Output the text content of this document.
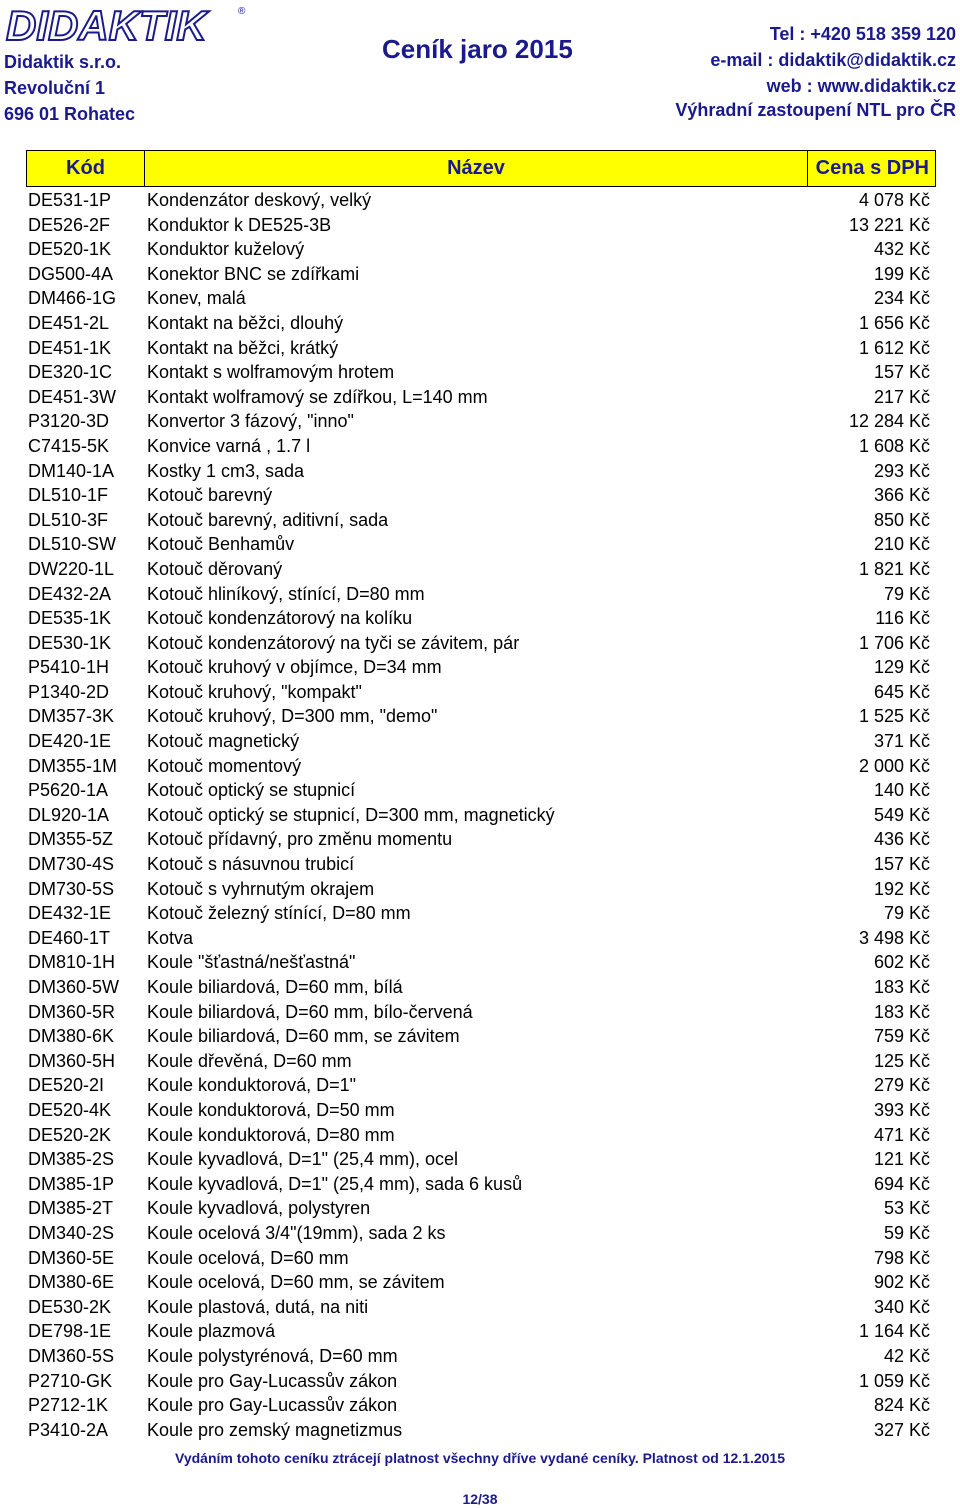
DIDAKTIK	®
Didaktik s.r.o.
Revoluční 1
696 01 Rohatec
Ceník jaro 2015	Tel : +420 518 359 120
e-mail : didaktik@didaktik.cz
web : www.didaktik.cz
Výhradní zastoupení NTL pro ČR
Kód	Název	Cena s DPH
DE531-1P Kondenzátor deskový, velký	4 078 Kč
DE526-2F Konduktor k DE525-3B	13 221 Kč
DE520-1K Konduktor kuželový	432 Kč
DG500-4A Konektor BNC se zdířkami	199 Kč
DM466-1G Konev, malá	234 Kč
DE451-2L Kontakt na běžci, dlouhý	1 656 Kč
DE451-1K Kontakt na běžci, krátký	1 612 Kč
DE320-1C Kontakt s wolframovým hrotem	157 Kč
DE451-3W Kontakt wolframový se zdířkou, L=140 mm	217 Kč
P3120-3D Konvertor 3 fázový, "inno"	12 284 Kč
C7415-5K Konvice varná , 1.7 l	1 608 Kč
DM140-1A Kostky 1 cm3, sada	293 Kč
DL510-1F Kotouč barevný	366 Kč
DL510-3F Kotouč barevný, aditivní, sada	850 Kč
DL510-SW Kotouč Benhamův	210 Kč
DW220-1L Kotouč děrovaný	1 821 Kč
DE432-2A Kotouč hliníkový, stínící, D=80 mm	79 Kč
DE535-1K Kotouč kondenzátorový na kolíku	116 Kč
DE530-1K Kotouč kondenzátorový na tyči se závitem, pár	1 706 Kč
P5410-1H Kotouč kruhový v objímce, D=34 mm	129 Kč
P1340-2D Kotouč kruhový, "kompakt"	645 Kč
DM357-3K Kotouč kruhový, D=300 mm, "demo"	1 525 Kč
DE420-1E Kotouč magnetický	371 Kč
DM355-1M Kotouč momentový	2 000 Kč
P5620-1A Kotouč optický se stupnicí	140 Kč
DL920-1A Kotouč optický se stupnicí, D=300 mm, magnetický	549 Kč
DM355-5Z Kotouč přídavný, pro změnu momentu	436 Kč
DM730-4S Kotouč s násuvnou trubicí	157 Kč
DM730-5S Kotouč s vyhrnutým okrajem	192 Kč
DE432-1E Kotouč železný stínící, D=80 mm	79 Kč
DE460-1T Kotva	3 498 Kč
DM810-1H Koule "šťastná/nešťastná"	602 Kč
DM360-5W Koule biliardová, D=60 mm, bílá	183 Kč
DM360-5R Koule biliardová, D=60 mm, bílo-červená	183 Kč
DM380-6K Koule biliardová, D=60 mm, se závitem	759 Kč
DM360-5H Koule dřevěná, D=60 mm	125 Kč
DE520-2I Koule konduktorová, D=1"	279 Kč
DE520-4K Koule konduktorová, D=50 mm	393 Kč
DE520-2K Koule konduktorová, D=80 mm	471 Kč
DM385-2S Koule kyvadlová, D=1" (25,4 mm), ocel	121 Kč
DM385-1P Koule kyvadlová, D=1" (25,4 mm), sada 6 kusů	694 Kč
DM385-2T Koule kyvadlová, polystyren	53 Kč
DM340-2S Koule ocelová 3/4"(19mm), sada 2 ks	59 Kč
DM360-5E Koule ocelová, D=60 mm	798 Kč
DM380-6E Koule ocelová, D=60 mm, se závitem	902 Kč
DE530-2K Koule plastová, dutá, na niti	340 Kč
DE798-1E Koule plazmová	1 164 Kč
DM360-5S Koule polystyrénová, D=60 mm	42 Kč
P2710-GK Koule pro Gay-Lucassův zákon	1 059 Kč
P2712-1K Koule pro Gay-Lucassův zákon	824 Kč
P3410-2A Koule pro zemský magnetizmus	327 Kč
Vydáním tohoto ceníku ztrácejí platnost všechny dříve vydané ceníky. Platnost od 12.1.2015
12/38
